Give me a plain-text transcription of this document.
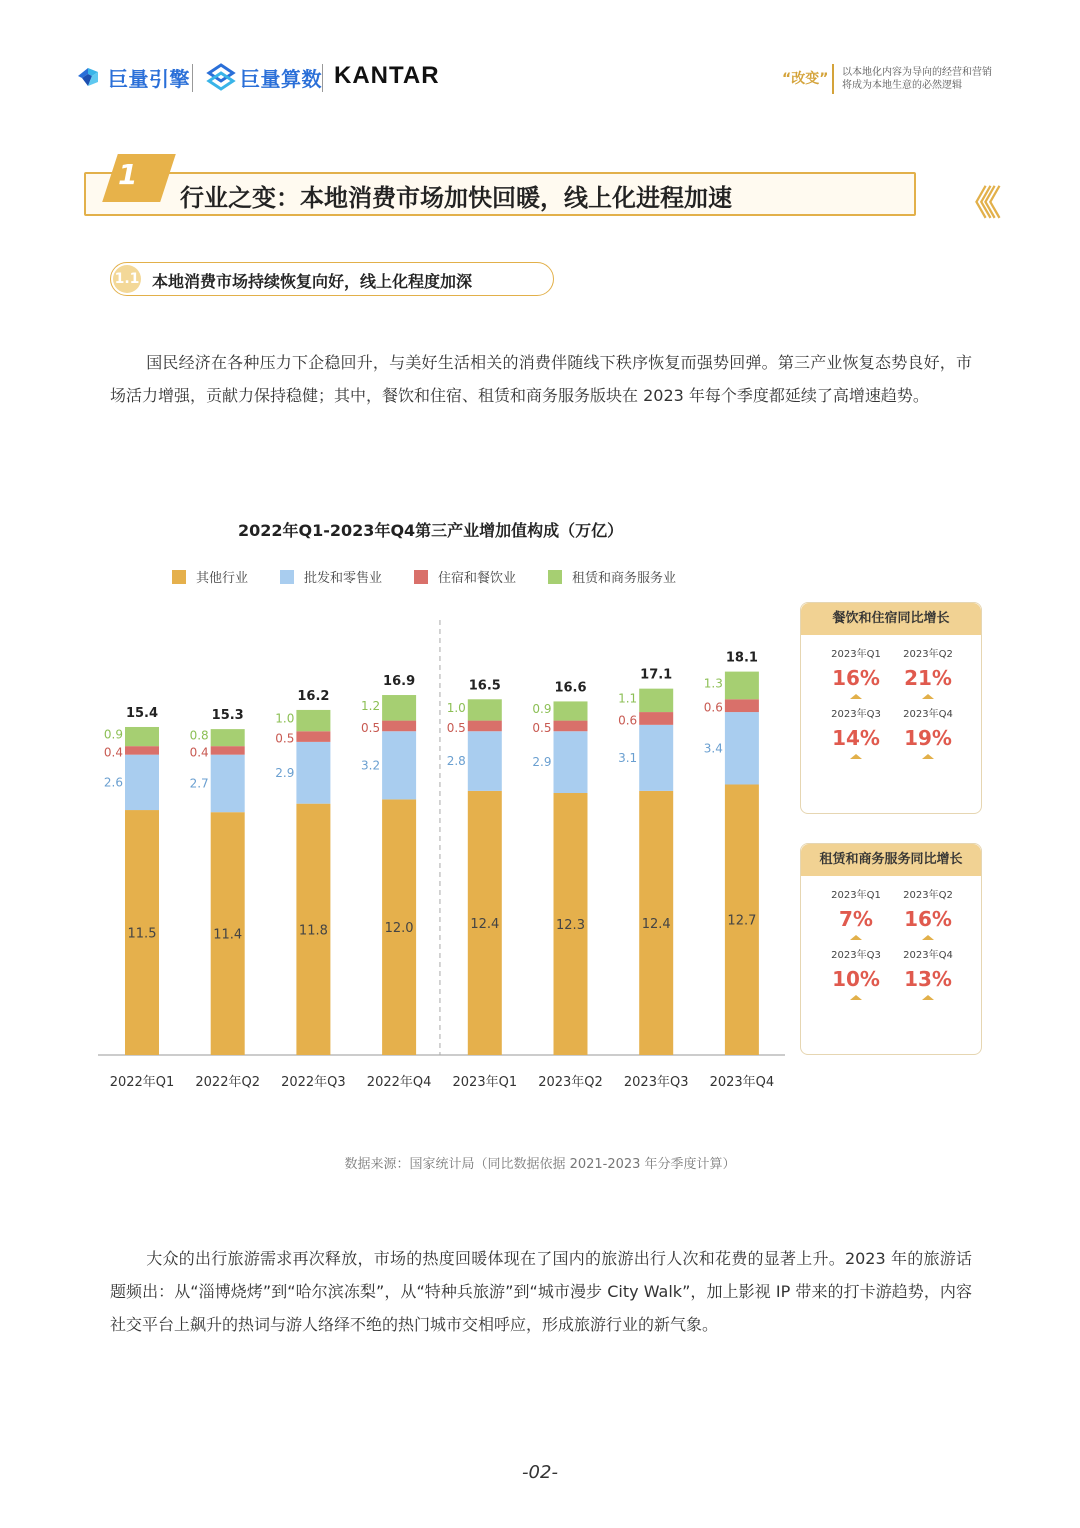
巨量引擎	巨量算数 KANTAR	“改变” 以本地化内容为导向的经营和营销
将成为本地生意的必然逻辑
1
行业之变：本地消费市场加快回暖，线上化进程加速	《《
1.1 本地消费市场持续恢复向好，线上化程度加深
国民经济在各种压力下企稳回升，与美好生活相关的消费伴随线下秩序恢复而强势回弹。第三产业恢复态势良好，市场活力增强，贡献力保持稳健；其中，餐饮和住宿、租赁和商务服务版块在 2023 年每个季度都延续了高增速趋势。
2022年Q1-2023年Q4第三产业增加值构成（万亿）
其他行业	批发和零售业	住宿和餐饮业	租赁和商务服务业
11.5
2.6
0.4
0.9
15.4
2022年Q1
11.4
2.7
0.4
0.8
15.3
2022年Q2
11.8
2.9
0.5
1.0
16.2
2022年Q3
12.0
3.2
0.5
1.2
16.9
2022年Q4
12.4
2.8
0.5
1.0
16.5
2023年Q1
12.3
2.9
0.5
0.9
16.6
2023年Q2
12.4
3.1
0.6
1.1
17.1
2023年Q3
12.7
3.4
0.6
1.3
18.1
2023年Q4
餐饮和住宿同比增长
2023年Q1
16%
2023年Q2
21%
2023年Q3
14%
2023年Q4
19%
租赁和商务服务同比增长
2023年Q1
7%
2023年Q2
16%
2023年Q3
10%
2023年Q4
13%
数据来源：国家统计局（同比数据依据 2021-2023 年分季度计算）
大众的出行旅游需求再次释放，市场的热度回暖体现在了国内的旅游出行人次和花费的显著上升。2023 年的旅游话题频出：从“淄博烧烤”到“哈尔滨冻梨”，从“特种兵旅游”到“城市漫步 City Walk”，加上影视 IP 带来的打卡游趋势，内容社交平台上飙升的热词与游人络绎不绝的热门城市交相呼应，形成旅游行业的新气象。
-02-
